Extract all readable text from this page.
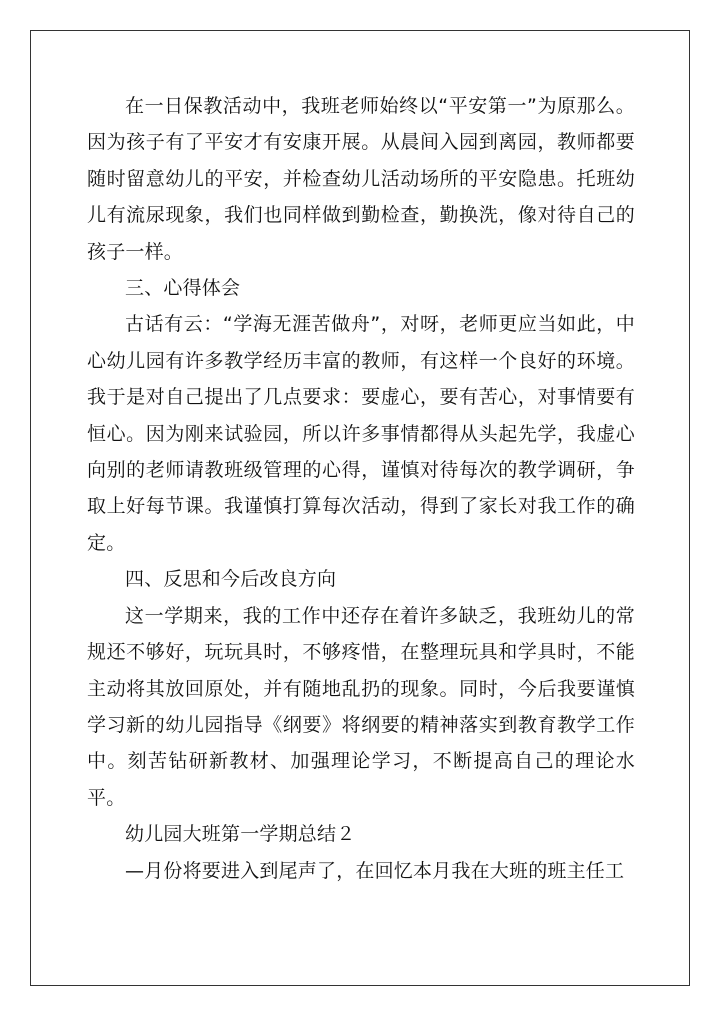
在一日保教活动中，我班老师始终以“平安第一”为原那么。因为孩子有了平安才有安康开展。从晨间入园到离园，教师都要随时留意幼儿的平安，并检查幼儿活动场所的平安隐患。托班幼儿有流尿现象，我们也同样做到勤检查，勤换洗，像对待自己的孩子一样。

三、心得体会

古话有云：“学海无涯苦做舟”，对呀，老师更应当如此，中心幼儿园有许多教学经历丰富的教师，有这样一个良好的环境。我于是对自己提出了几点要求：要虚心，要有苦心，对事情要有恒心。因为刚来试验园，所以许多事情都得从头起先学，我虚心向别的老师请教班级管理的心得，谨慎对待每次的教学调研，争取上好每节课。我谨慎打算每次活动，得到了家长对我工作的确定。

四、反思和今后改良方向

这一学期来，我的工作中还存在着许多缺乏，我班幼儿的常规还不够好，玩玩具时，不够疼惜，在整理玩具和学具时，不能主动将其放回原处，并有随地乱扔的现象。同时，今后我要谨慎学习新的幼儿园指导《纲要》将纲要的精神落实到教育教学工作中。刻苦钻研新教材、加强理论学习，不断提高自己的理论水平。

幼儿园大班第一学期总结２

—月份将要进入到尾声了，在回忆本月我在大班的班主任工
